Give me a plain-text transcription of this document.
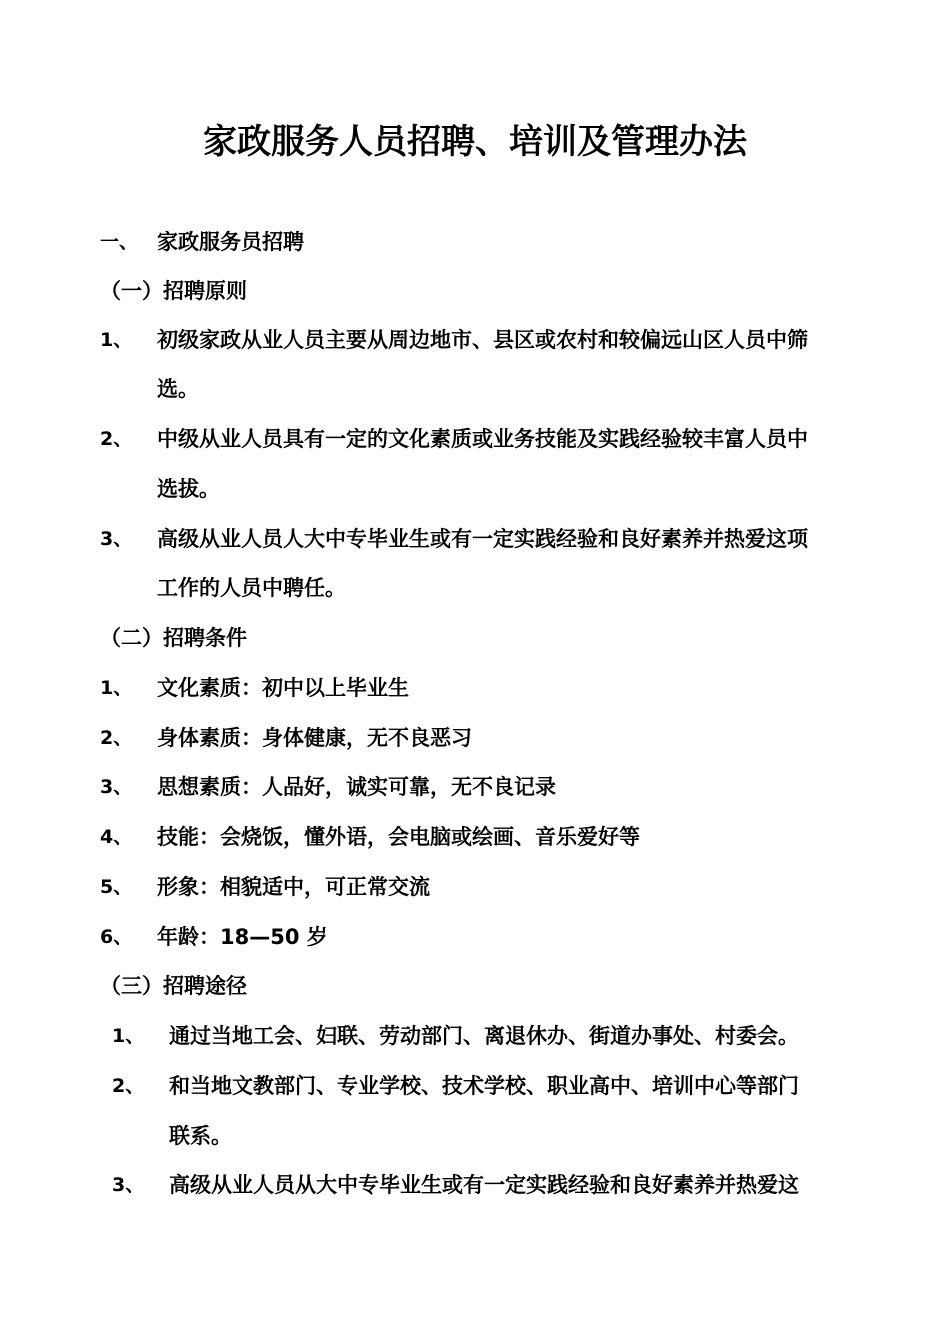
家政服务人员招聘、培训及管理办法
一、 家政服务员招聘
（一）招聘原则
1、 初级家政从业人员主要从周边地市、县区或农村和较偏远山区人员中筛
选。
2、 中级从业人员具有一定的文化素质或业务技能及实践经验较丰富人员中
选拔。
3、 高级从业人员人大中专毕业生或有一定实践经验和良好素养并热爱这项
工作的人员中聘任。
（二）招聘条件
1、 文化素质：初中以上毕业生
2、 身体素质：身体健康，无不良恶习
3、 思想素质：人品好，诚实可靠，无不良记录
4、 技能：会烧饭，懂外语，会电脑或绘画、音乐爱好等
5、 形象：相貌适中，可正常交流
6、 年龄：18—50 岁
（三）招聘途径
1、 通过当地工会、妇联、劳动部门、离退休办、街道办事处、村委会。
2、 和当地文教部门、专业学校、技术学校、职业高中、培训中心等部门
联系。
3、 高级从业人员从大中专毕业生或有一定实践经验和良好素养并热爱这
